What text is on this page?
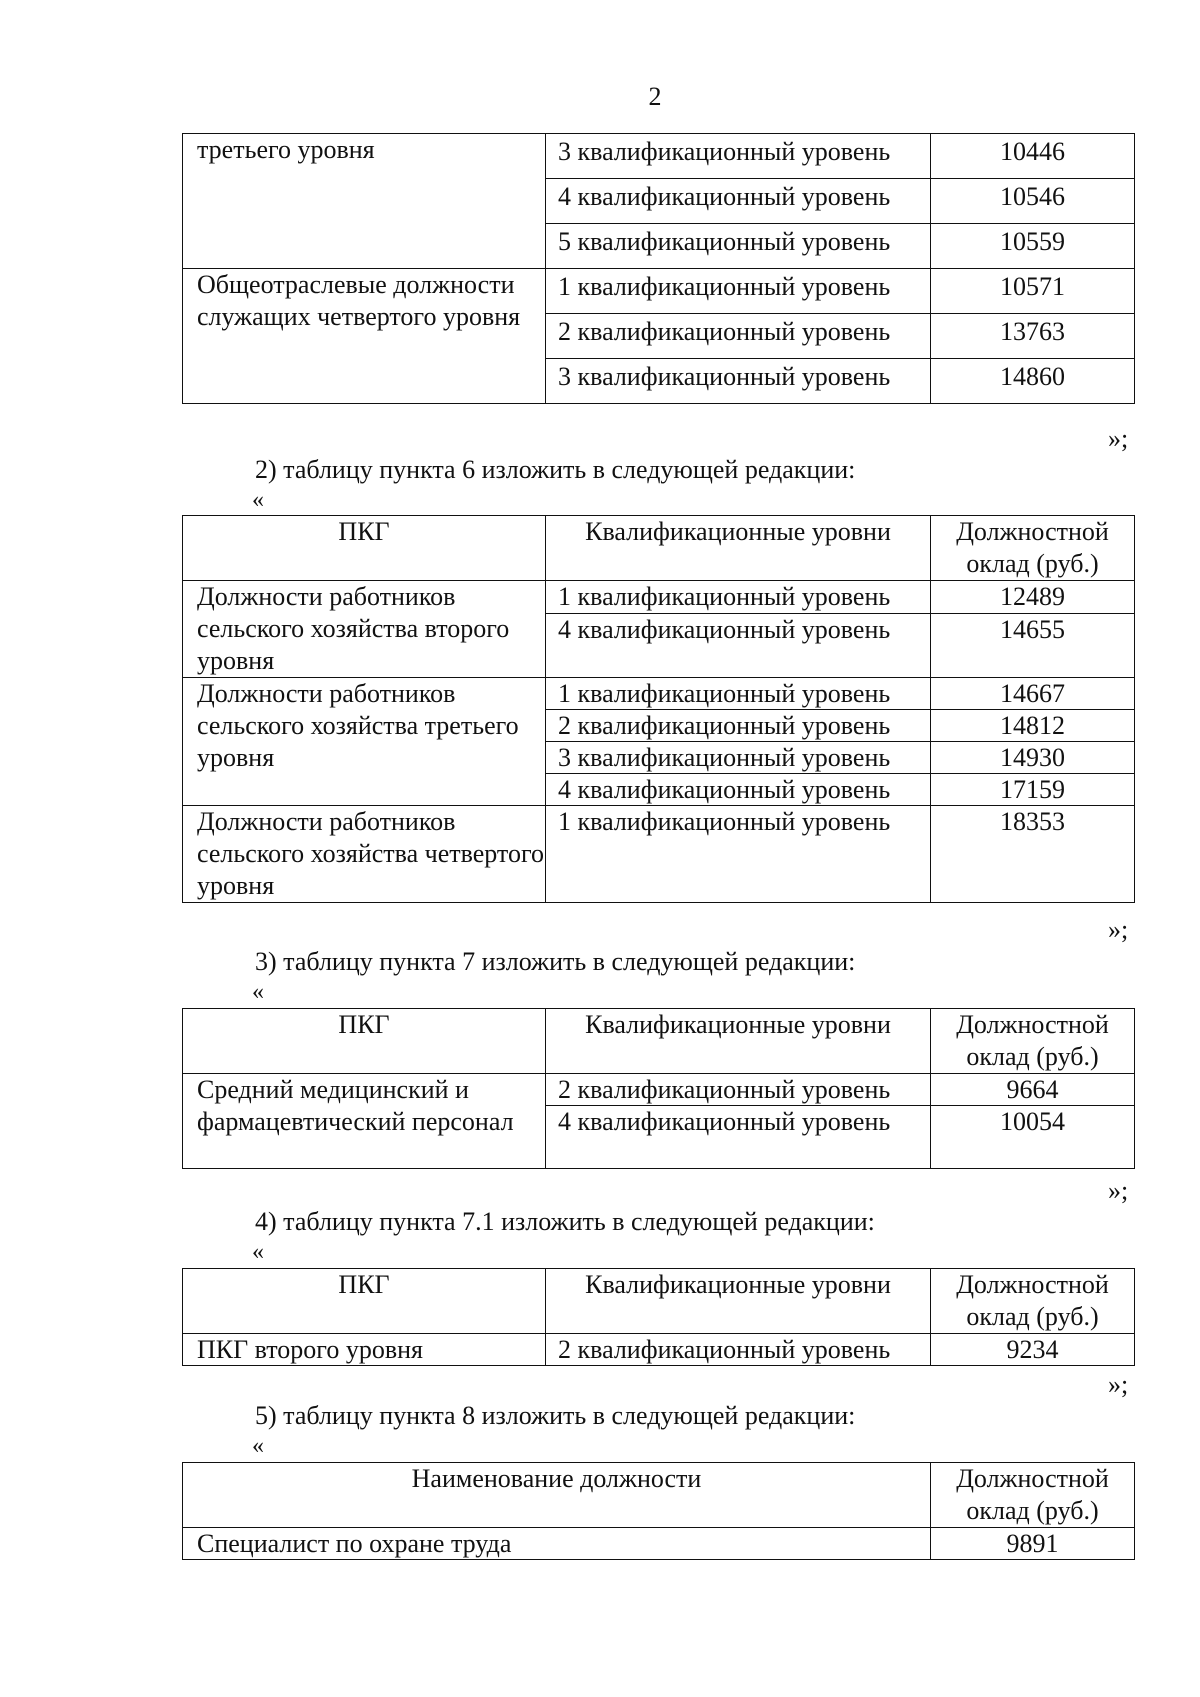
2
третьего уровня	3 квалификационный уровень	10446
	4 квалификационный уровень	10546
	5 квалификационный уровень	10559
Общеотраслевые должности служащих четвертого уровня	1 квалификационный уровень	10571
	2 квалификационный уровень	13763
	3 квалификационный уровень	14860
»;
2) таблицу пункта 6 изложить в следующей редакции:
«
ПКГ	Квалификационные уровни	Должностной оклад (руб.)
Должности работников сельского хозяйства второго уровня	1 квалификационный уровень	12489
	4 квалификационный уровень	14655
Должности работников сельского хозяйства третьего уровня	1 квалификационный уровень	14667
	2 квалификационный уровень	14812
	3 квалификационный уровень	14930
	4 квалификационный уровень	17159
Должности работников сельского хозяйства четвертого уровня	1 квалификационный уровень	18353
»;
3) таблицу пункта 7 изложить в следующей редакции:
«
ПКГ	Квалификационные уровни	Должностной оклад (руб.)
Средний медицинский и фармацевтический персонал	2 квалификационный уровень	9664
	4 квалификационный уровень	10054
»;
4) таблицу пункта 7.1 изложить в следующей редакции:
«
ПКГ	Квалификационные уровни	Должностной оклад (руб.)
ПКГ второго уровня	2 квалификационный уровень	9234
»;
5) таблицу пункта 8 изложить в следующей редакции:
«
Наименование должности	Должностной оклад (руб.)
Специалист по охране труда	9891
